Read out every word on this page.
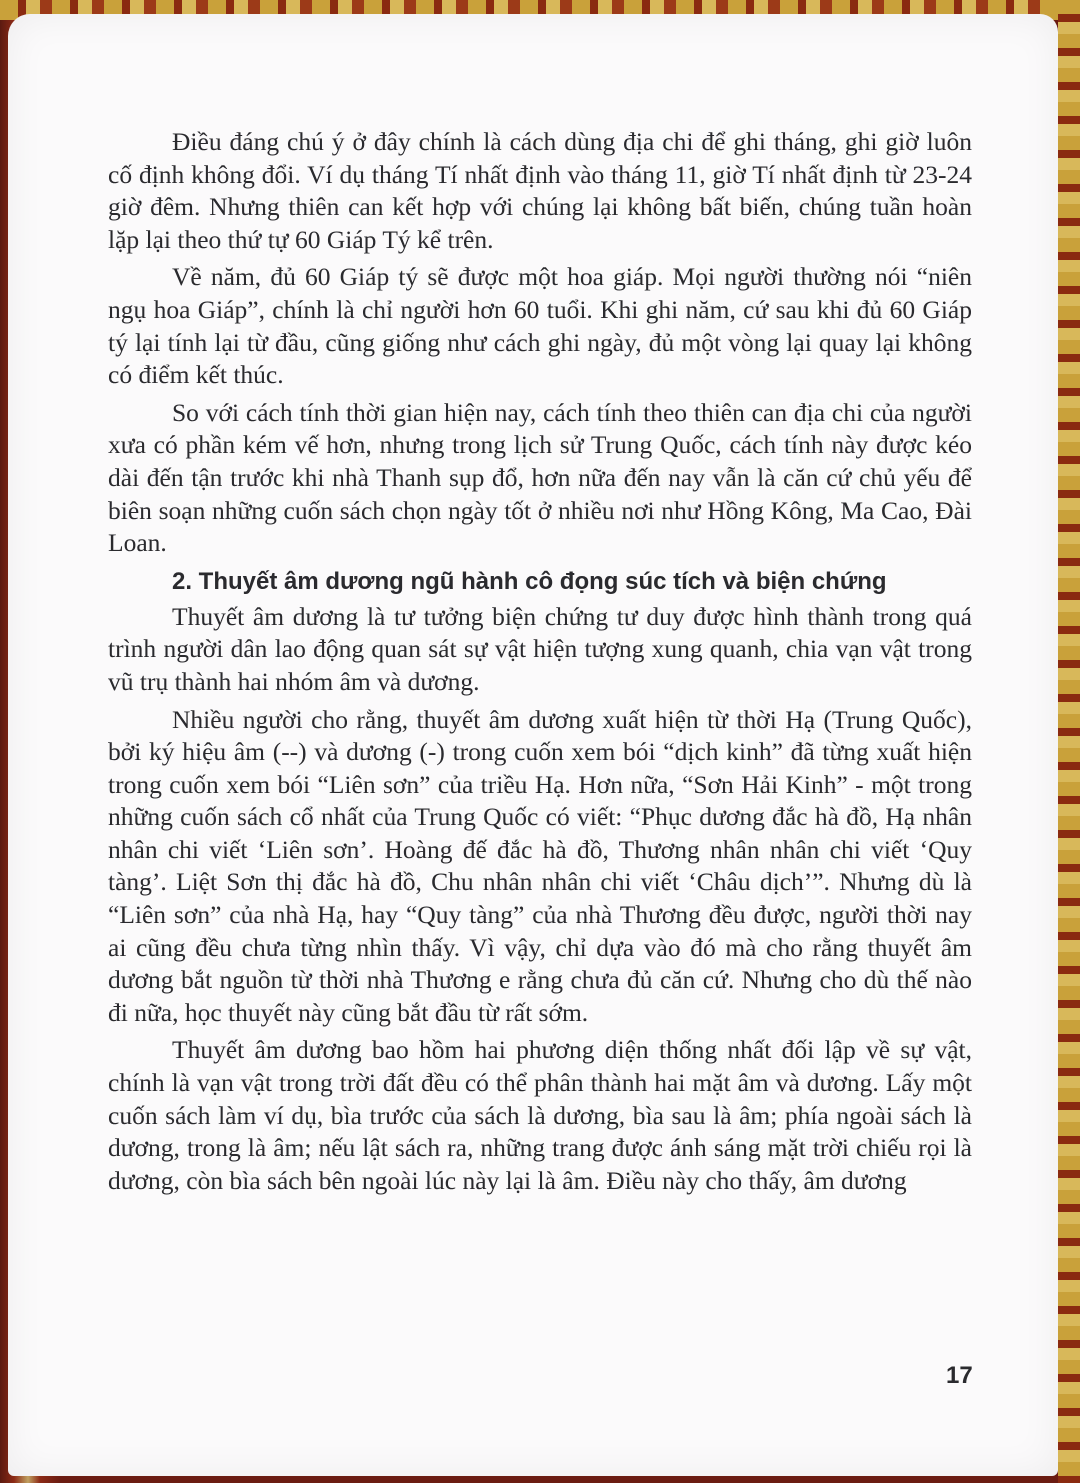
Điều đáng chú ý ở đây chính là cách dùng địa chi để ghi tháng, ghi giờ luôn cố định không đổi. Ví dụ tháng Tí nhất định vào tháng 11, giờ Tí nhất định từ 23-24 giờ đêm. Nhưng thiên can kết hợp với chúng lại không bất biến, chúng tuần hoàn lặp lại theo thứ tự 60 Giáp Tý kể trên.

Về năm, đủ 60 Giáp tý sẽ được một hoa giáp. Mọi người thường nói “niên ngụ hoa Giáp”, chính là chỉ người hơn 60 tuổi. Khi ghi năm, cứ sau khi đủ 60 Giáp tý lại tính lại từ đầu, cũng giống như cách ghi ngày, đủ một vòng lại quay lại không có điểm kết thúc.

So với cách tính thời gian hiện nay, cách tính theo thiên can địa chi của người xưa có phần kém vế hơn, nhưng trong lịch sử Trung Quốc, cách tính này được kéo dài đến tận trước khi nhà Thanh sụp đổ, hơn nữa đến nay vẫn là căn cứ chủ yếu để biên soạn những cuốn sách chọn ngày tốt ở nhiều nơi như Hồng Kông, Ma Cao, Đài Loan.

2. Thuyết âm dương ngũ hành cô đọng súc tích và biện chứng

Thuyết âm dương là tư tưởng biện chứng tư duy được hình thành trong quá trình người dân lao động quan sát sự vật hiện tượng xung quanh, chia vạn vật trong vũ trụ thành hai nhóm âm và dương.

Nhiều người cho rằng, thuyết âm dương xuất hiện từ thời Hạ (Trung Quốc), bởi ký hiệu âm (--) và dương (-) trong cuốn xem bói “dịch kinh” đã từng xuất hiện trong cuốn xem bói “Liên sơn” của triều Hạ. Hơn nữa, “Sơn Hải Kinh” - một trong những cuốn sách cổ nhất của Trung Quốc có viết: “Phục dương đắc hà đồ, Hạ nhân nhân chi viết ‘Liên sơn’. Hoàng đế đắc hà đồ, Thương nhân nhân chi viết ‘Quy tàng’. Liệt Sơn thị đắc hà đồ, Chu nhân nhân chi viết ‘Châu dịch’”. Nhưng dù là “Liên sơn” của nhà Hạ, hay “Quy tàng” của nhà Thương đều được, người thời nay ai cũng đều chưa từng nhìn thấy. Vì vậy, chỉ dựa vào đó mà cho rằng thuyết âm dương bắt nguồn từ thời nhà Thương e rằng chưa đủ căn cứ. Nhưng cho dù thế nào đi nữa, học thuyết này cũng bắt đầu từ rất sớm.

Thuyết âm dương bao hồm hai phương diện thống nhất đối lập về sự vật, chính là vạn vật trong trời đất đều có thể phân thành hai mặt âm và dương. Lấy một cuốn sách làm ví dụ, bìa trước của sách là dương, bìa sau là âm; phía ngoài sách là dương, trong là âm; nếu lật sách ra, những trang được ánh sáng mặt trời chiếu rọi là dương, còn bìa sách bên ngoài lúc này lại là âm. Điều này cho thấy, âm dương

17
